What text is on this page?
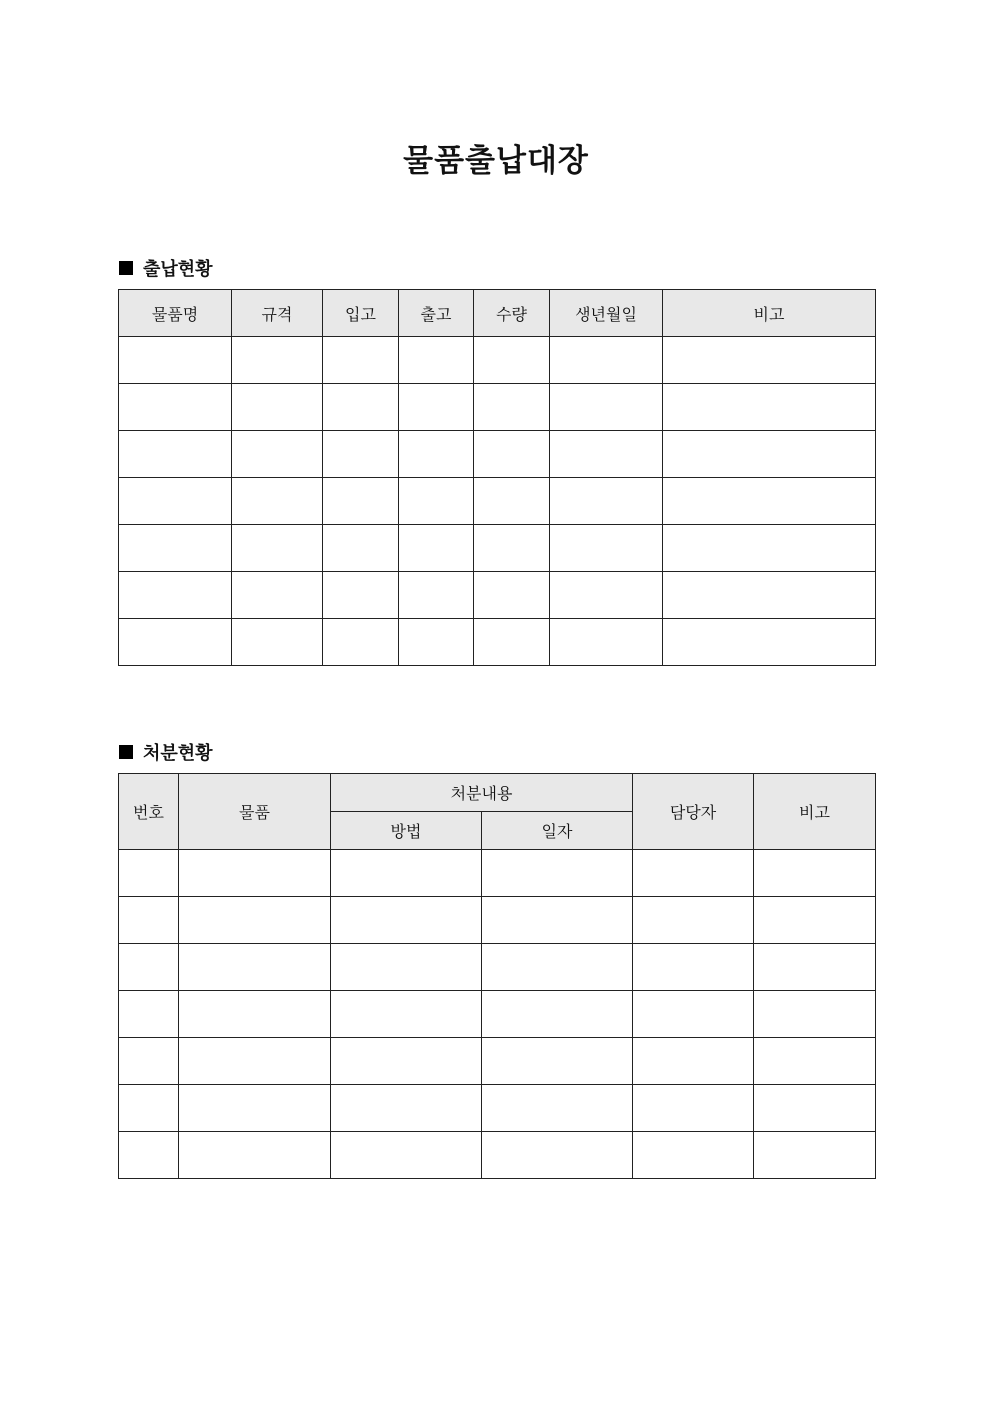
물품출납대장
출납현황
물품명	규격	입고	출고	수량	생년월일	비고

처분현황
번호	물품	처분내용		담당자	비고
		방법	일자		
